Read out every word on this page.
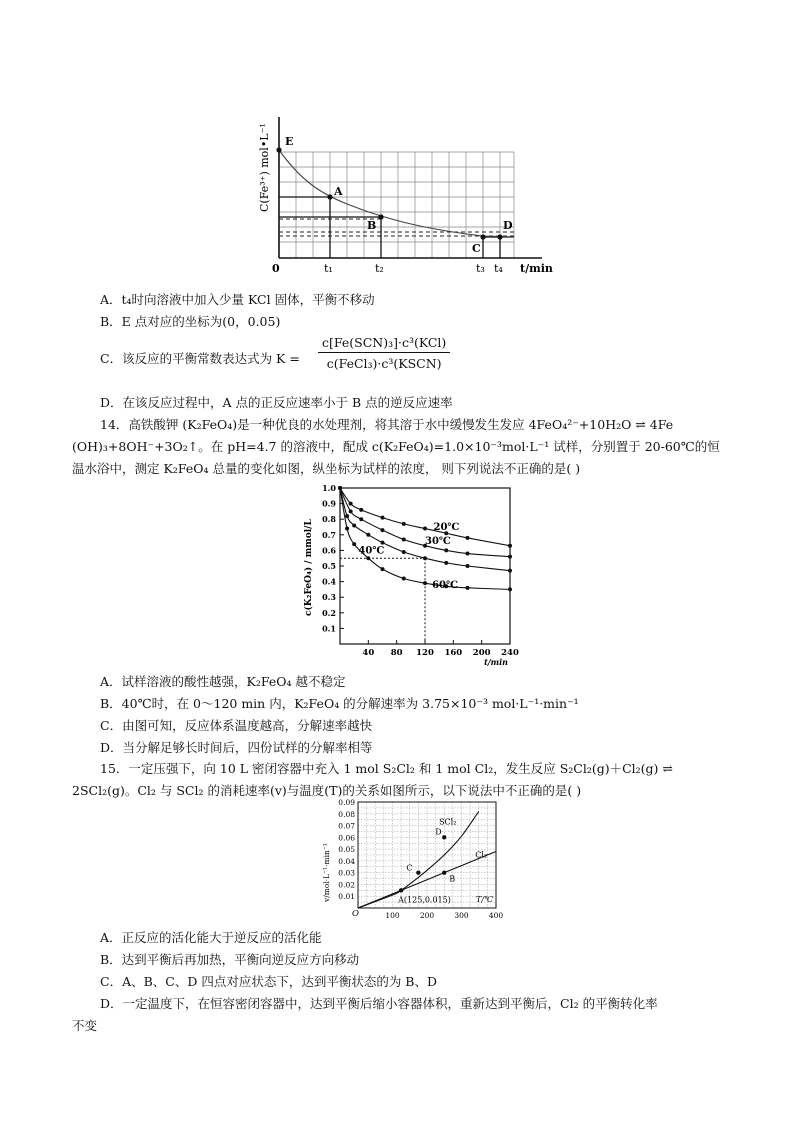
E
A
B
C
D
0	t₁	t₂	t₃ t₄ t/min
C(Fe³⁺) mol•L⁻¹
A．t₄时向溶液中加入少量 KCl 固体，平衡不移动
B．E 点对应的坐标为(0，0.05)
C．该反应的平衡常数表达式为 K =
c[Fe(SCN)₃]·c³(KCl)
c(FeCl₃)·c³(KSCN)
D．在该反应过程中，A 点的正反应速率小于 B 点的逆反应速率
14．高铁酸钾 (K₂FeO₄)是一种优良的水处理剂，将其溶于水中缓慢发生发应 4FeO₄²⁻+10H₂O ⇌ 4Fe
(OH)₃+8OH⁻+3O₂↑。在 pH=4.7 的溶液中，配成 c(K₂FeO₄)=1.0×10⁻³mol·L⁻¹ 试样，分别置于 20-60℃的恒
温水浴中，测定 K₂FeO₄ 总量的变化如图，纵坐标为试样的浓度， 则下列说法不正确的是( )
0.1
0.2
0.3
0.4
0.5
0.6
0.7
0.8
0.9
1.0
40 80 120 160 200 240
t/min
c(K₂FeO₄) / mmol/L	20℃
30℃
40℃
60℃
A．试样溶液的酸性越强，K₂FeO₄ 越不稳定
B．40℃时，在 0～120 min 内，K₂FeO₄ 的分解速率为 3.75×10⁻³ mol·L⁻¹·min⁻¹
C．由图可知，反应体系温度越高，分解速率越快
D．当分解足够长时间后，四份试样的分解率相等
15．一定压强下，向 10 L 密闭容器中充入 1 mol S₂Cl₂ 和 1 mol Cl₂，发生反应 S₂Cl₂(g)＋Cl₂(g) ⇌
2SCl₂(g)。Cl₂ 与 SCl₂ 的消耗速率(v)与温度(T)的关系如图所示，以下说法中不正确的是( )
0.01
0.02
0.03
0.04
0.05
0.06
0.07
0.08
0.09
100	200	300	400
O
T/℃
v/mol·L⁻¹·min⁻¹
SCl₂
Cl₂
A(125,0.015)
B
C
D
A．正反应的活化能大于逆反应的活化能
B．达到平衡后再加热，平衡向逆反应方向移动
C．A、B、C、D 四点对应状态下，达到平衡状态的为 B、D
D．一定温度下，在恒容密闭容器中，达到平衡后缩小容器体积，重新达到平衡后，Cl₂ 的平衡转化率
不变
